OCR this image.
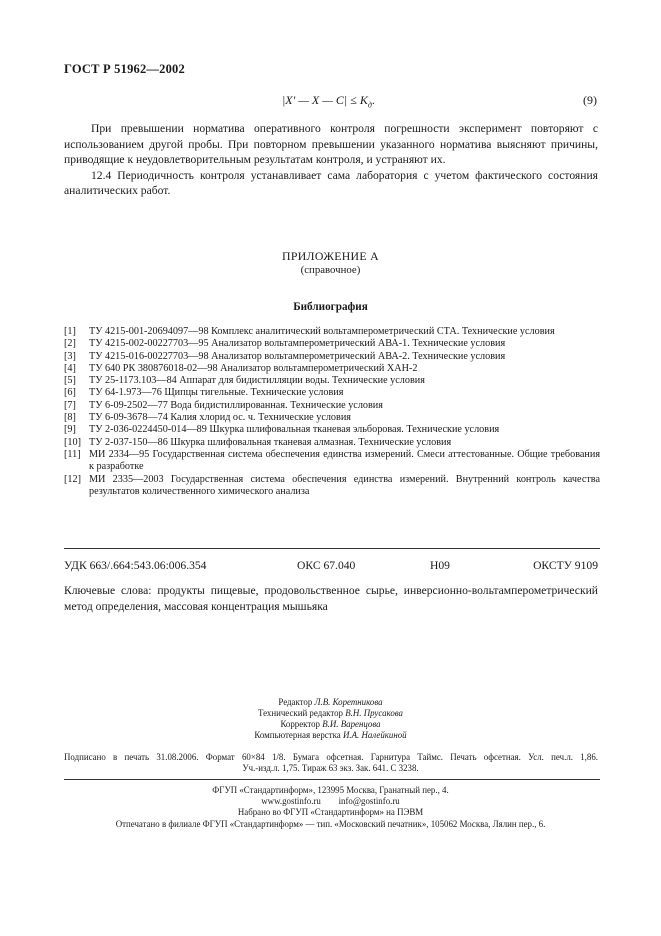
ГОСТ Р 51962—2002
|X′ — X — $C| \le K_д$.	(9)

При превышении норматива оперативного контроля погрешности эксперимент повторяют с использованием другой пробы. При повторном превышении указанного норматива выясняют причины, приводящие к неудовлетворительным результатам контроля, и устраняют их.

12.4 Периодичность контроля устанавливает сама лаборатория с учетом фактического состояния аналитических работ.

ПРИЛОЖЕНИЕ А
(справочное)
Библиография
[1]	ТУ 4215-001-20694097—98 Комплекс аналитический вольтамперометрический СТА. Технические условия
[2]	ТУ 4215-002-00227703—95 Анализатор вольтамперометрический АВА-1. Технические условия
[3]	ТУ 4215-016-00227703—98 Анализатор вольтамперометрический АВА-2. Технические условия
[4]	ТУ 640 РК 380876018-02—98 Анализатор вольтамперометрический ХАН-2
[5]	ТУ 25-1173.103—84 Аппарат для бидистилляции воды. Технические условия
[6]	ТУ 64-1.973—76 Щипцы тигельные. Технические условия
[7]	ТУ 6-09-2502—77 Вода бидистиллированная. Технические условия
[8]	ТУ 6-09-3678—74 Калия хлорид ос. ч. Технические условия
[9]	ТУ 2-036-0224450-014—89 Шкурка шлифовальная тканевая эльборовая. Технические условия
[10] ТУ 2-037-150—86 Шкурка шлифовальная тканевая алмазная. Технические условия
[11] МИ 2334—95 Государственная система обеспечения единства измерений. Смеси аттестованные. Общие требования к разработке
[12] МИ 2335—2003 Государственная система обеспечения единства измерений. Внутренний контроль качества результатов количественного химического анализа
УДК 663/.664:543.06:006.354	ОКС 67.040	Н09	ОКСТУ 9109
Ключевые слова: продукты пищевые, продовольственное сырье, инверсионно-вольтамперометрический метод определения, массовая концентрация мышьяка
Редактор Л.В. Коретникова
Технический редактор В.Н. Прусакова
Корректор В.И. Варенцова
Компьютерная верстка И.А. Налейкиной
Подписано в печать 31.08.2006. Формат 60×84 1/8. Бумага офсетная. Гарнитура Таймс. Печать офсетная. Усл. печ.л. 1,86.
Уч.-изд.л. 1,75. Тираж 63 экз. Зак. 641. С 3238.
ФГУП «Стандартинформ», 123995 Москва, Гранатный пер., 4.
www.gostinfo.ru        info@gostinfo.ru
Набрано во ФГУП «Стандартинформ» на ПЭВМ
Отпечатано в филиале ФГУП «Стандартинформ» — тип. «Московский печатник», 105062 Москва, Лялин пер., 6.
